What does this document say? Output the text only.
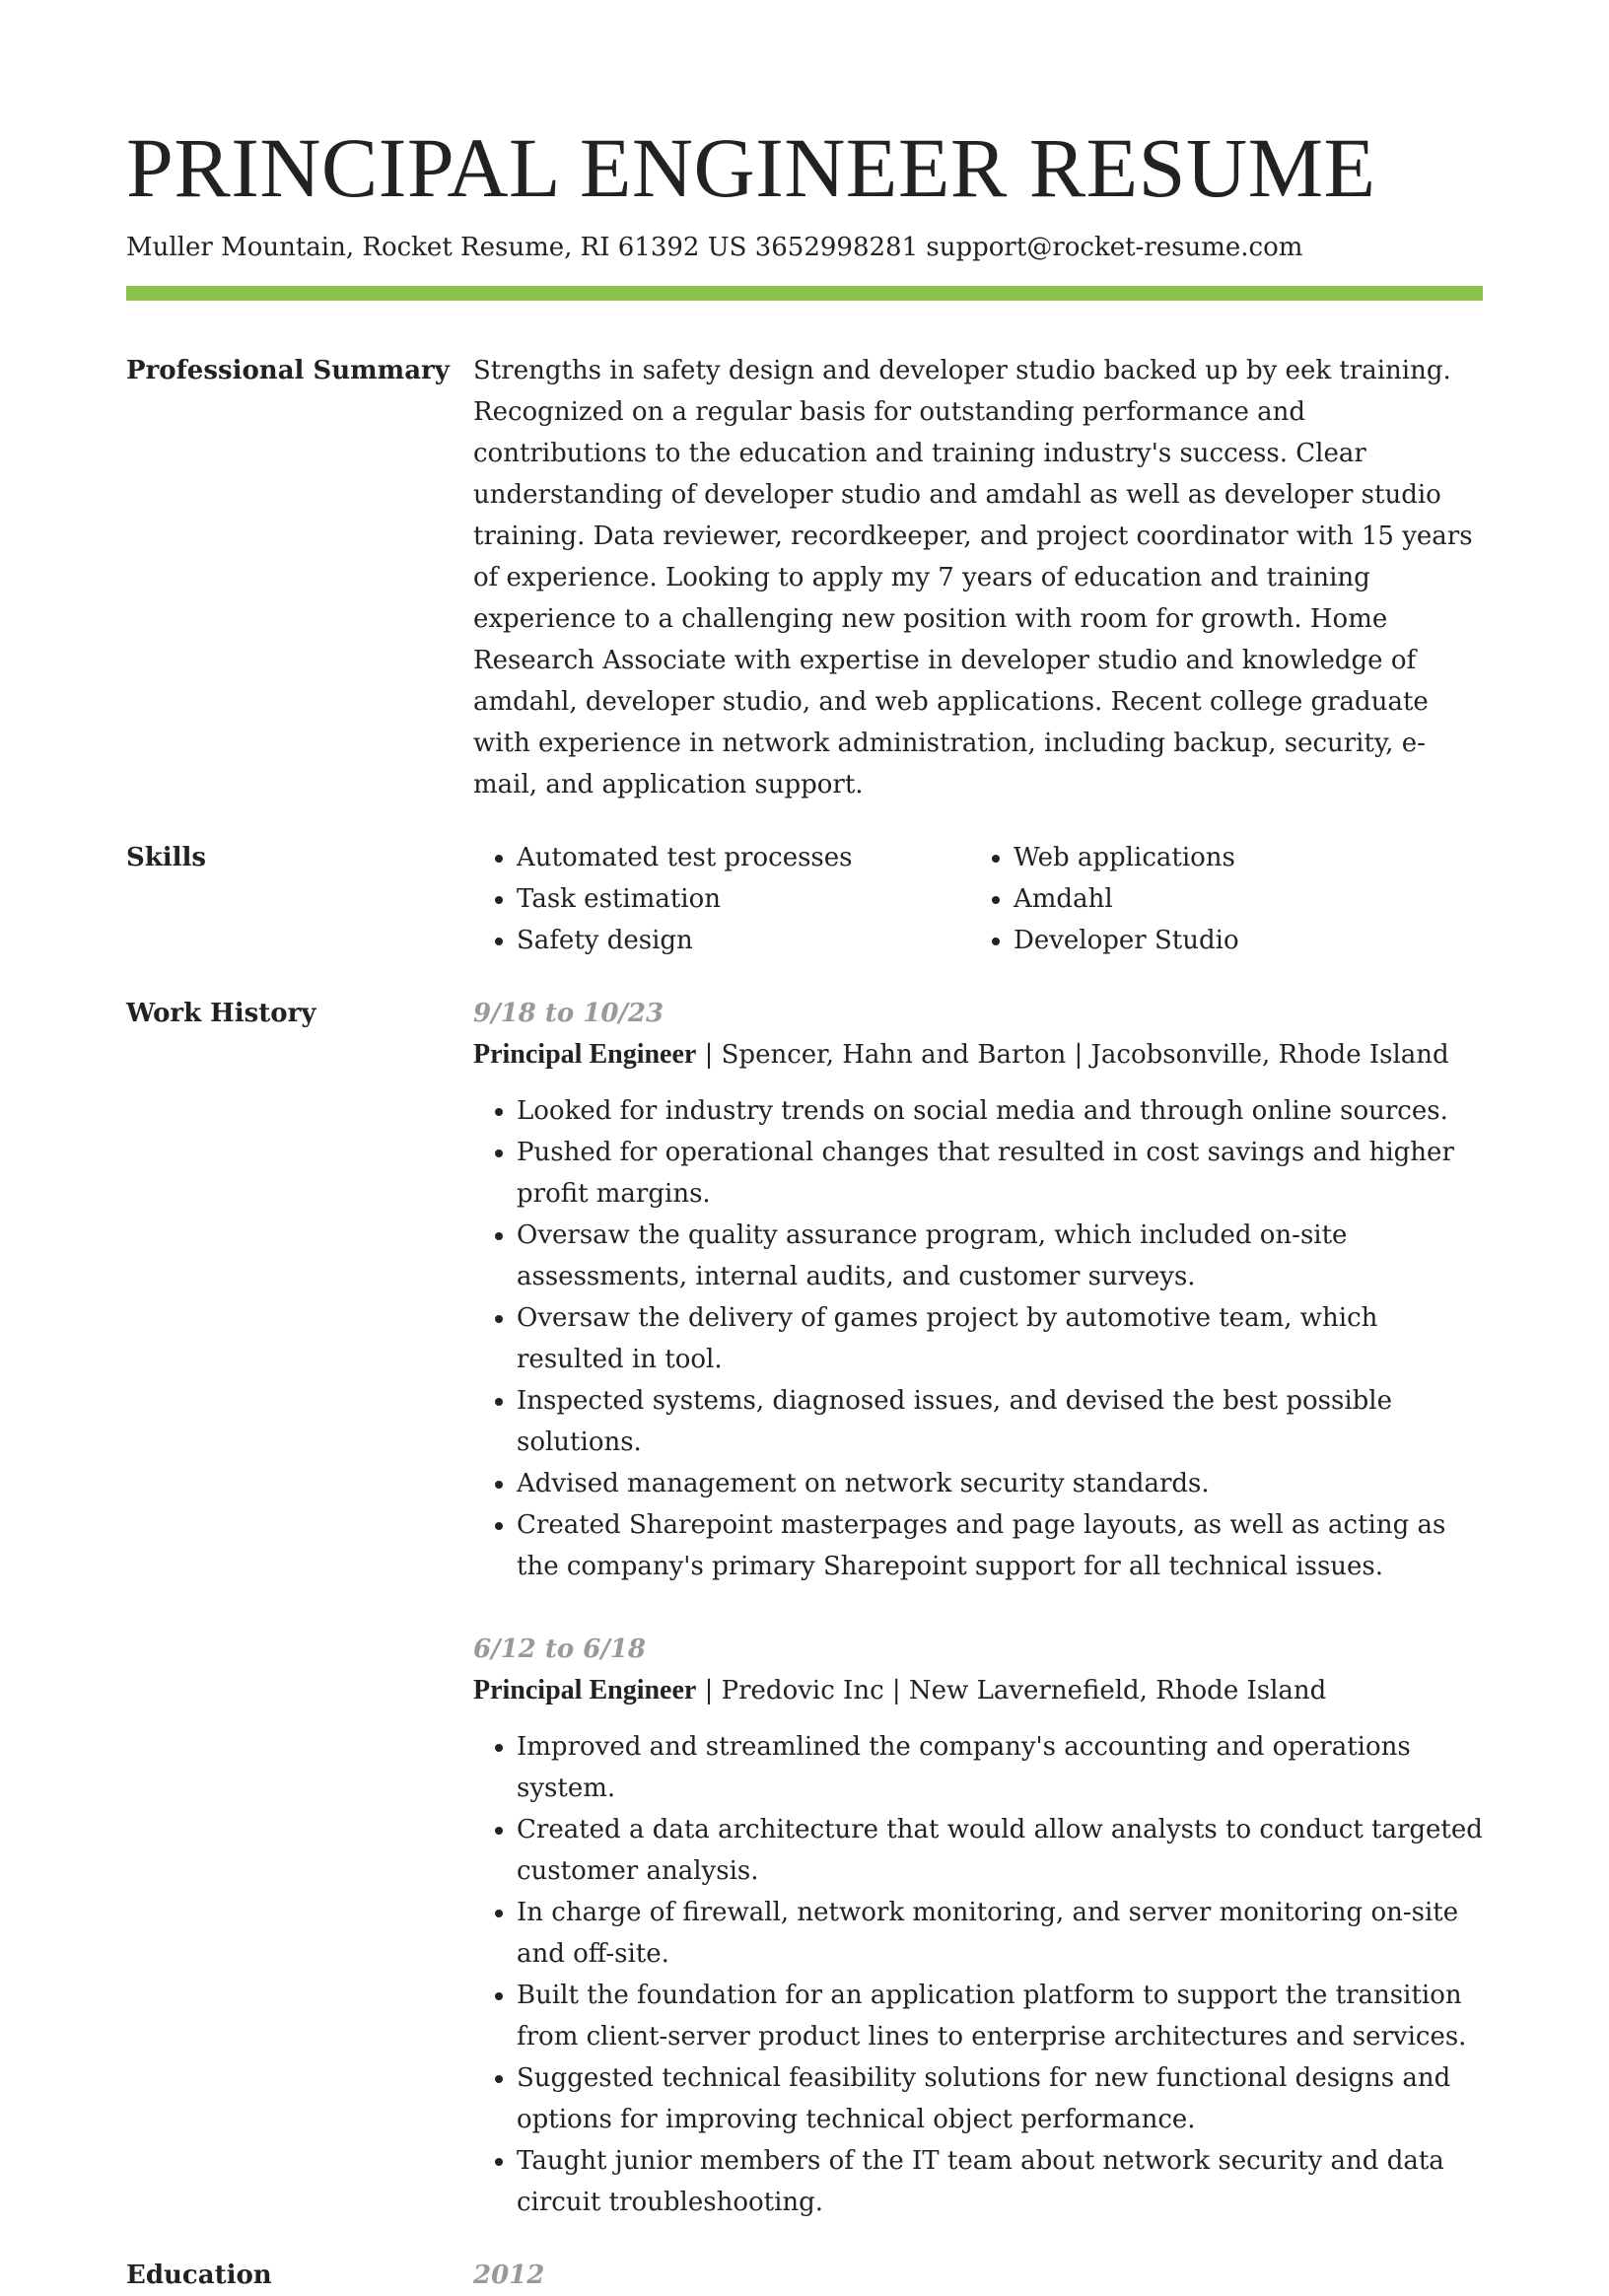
PRINCIPAL ENGINEER RESUME
Muller Mountain, Rocket Resume, RI 61392 US 3652998281 support@rocket-resume.com
Professional Summary Strengths in safety design and developer studio backed up by eek training. Recognized on a regular basis for outstanding performance and contributions to the education and training industry's success. Clear understanding of developer studio and amdahl as well as developer studio training. Data reviewer, recordkeeper, and project coordinator with 15 years of experience. Looking to apply my 7 years of education and training experience to a challenging new position with room for growth. Home Research Associate with expertise in developer studio and knowledge of amdahl, developer studio, and web applications. Recent college graduate with experience in network administration, including backup, security, e-mail, and application support.
Skills
•	Automated test processes
• Task estimation
• Safety design
• Web applications
• Amdahl
• Developer Studio
Work History	9/18 to 10/23
Principal Engineer | Spencer, Hahn and Barton | Jacobsonville, Rhode Island
• Looked for industry trends on social media and through online sources.
• Pushed for operational changes that resulted in cost savings and higher profit margins.
• Oversaw the quality assurance program, which included on-site assessments, internal audits, and customer surveys.
• Oversaw the delivery of games project by automotive team, which resulted in tool.
• Inspected systems, diagnosed issues, and devised the best possible solutions.
• Advised management on network security standards.
• Created Sharepoint masterpages and page layouts, as well as acting as the company's primary Sharepoint support for all technical issues.
6/12 to 6/18
Principal Engineer | Predovic Inc | New Lavernefield, Rhode Island
• Improved and streamlined the company's accounting and operations system.
• Created a data architecture that would allow analysts to conduct targeted customer analysis.
• In charge of firewall, network monitoring, and server monitoring on-site and off-site.
• Built the foundation for an application platform to support the transition from client-server product lines to enterprise architectures and services.
• Suggested technical feasibility solutions for new functional designs and options for improving technical object performance.
• Taught junior members of the IT team about network security and data circuit troubleshooting.
Education	2012
